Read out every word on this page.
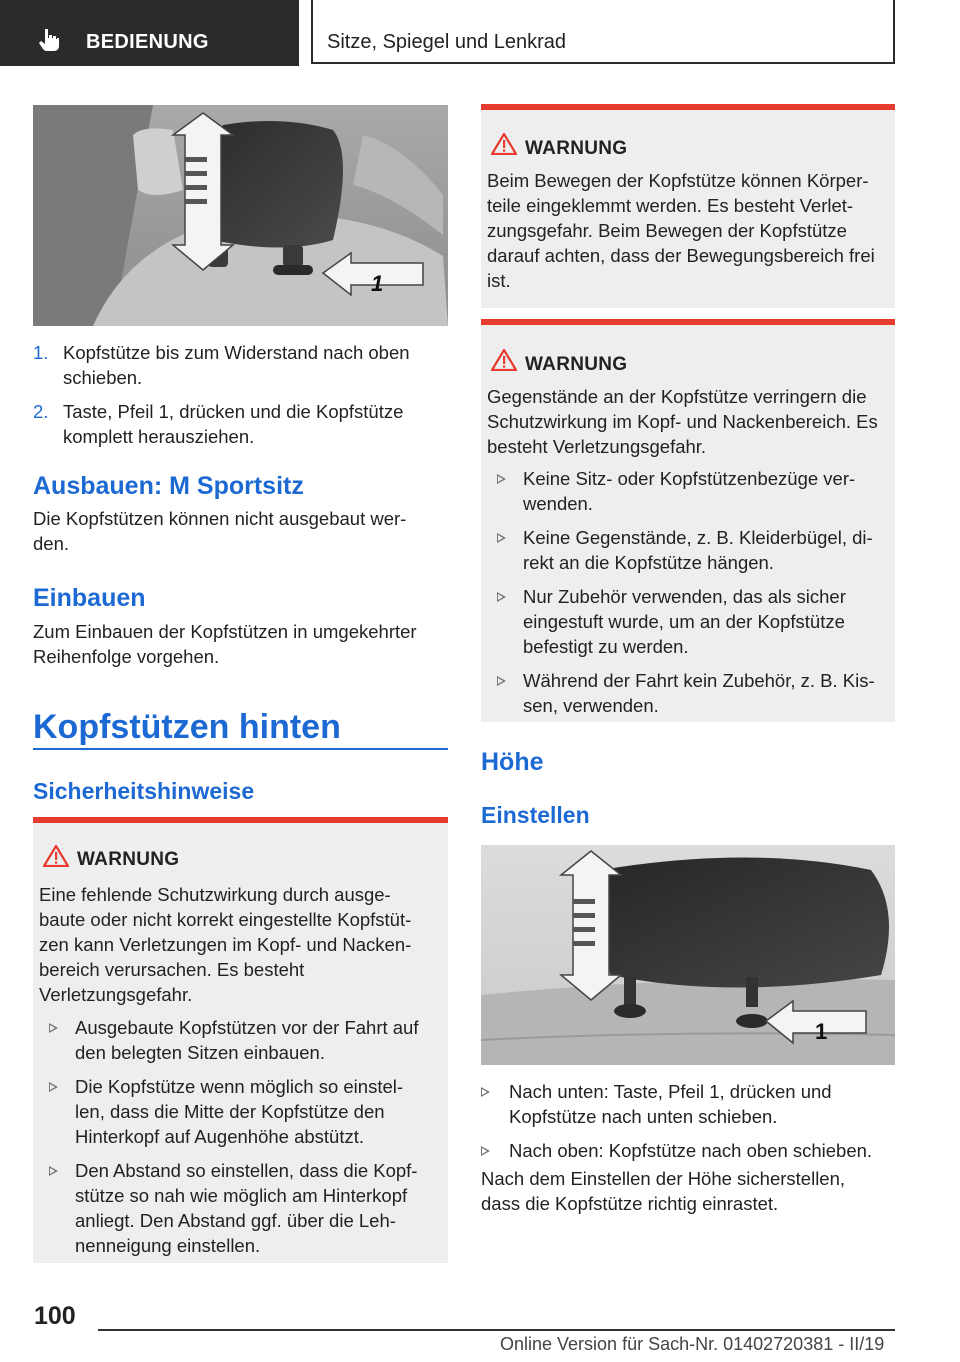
BEDIENUNG	Sitze, Spiegel und Lenkrad
1
1. Kopfstütze bis zum Widerstand nach oben schieben.
2. Taste, Pfeil 1, drücken und die Kopfstütze komplett herausziehen.
Ausbauen: M Sportsitz

Die Kopfstützen können nicht ausgebaut wer- den.

Einbauen

Zum Einbauen der Kopfstützen in umgekehrter Reihenfolge vorgehen.

Kopfstützen hinten
Sicherheitshinweise
WARNUNG

Eine fehlende Schutzwirkung durch ausge- baute oder nicht korrekt eingestellte Kopfstüt- zen kann Verletzungen im Kopf- und Nacken- bereich verursachen. Es besteht Verletzungsgefahr.

Ausgebaute Kopfstützen vor der Fahrt auf den belegten Sitzen einbauen.
Die Kopfstütze wenn möglich so einstel- len, dass die Mitte der Kopfstütze den Hinterkopf auf Augenhöhe abstützt.
Den Abstand so einstellen, dass die Kopf- stütze so nah wie möglich am Hinterkopf anliegt. Den Abstand ggf. über die Leh- nenneigung einstellen.
WARNUNG

Beim Bewegen der Kopfstütze können Körper- teile eingeklemmt werden. Es besteht Verlet- zungsgefahr. Beim Bewegen der Kopfstütze darauf achten, dass der Bewegungsbereich frei ist.

WARNUNG

Gegenstände an der Kopfstütze verringern die Schutzwirkung im Kopf- und Nackenbereich. Es besteht Verletzungsgefahr.

Keine Sitz- oder Kopfstützenbezüge ver- wenden.
Keine Gegenstände, z. B. Kleiderbügel, di- rekt an die Kopfstütze hängen.
Nur Zubehör verwenden, das als sicher eingestuft wurde, um an der Kopfstütze befestigt zu werden.
Während der Fahrt kein Zubehör, z. B. Kis- sen, verwenden.
Höhe
Einstellen
1
Nach unten: Taste, Pfeil 1, drücken und Kopfstütze nach unten schieben.
Nach oben: Kopfstütze nach oben schieben.

Nach dem Einstellen der Höhe sicherstellen, dass die Kopfstütze richtig einrastet.

100
Online Version für Sach-Nr. 01402720381 - II/19
